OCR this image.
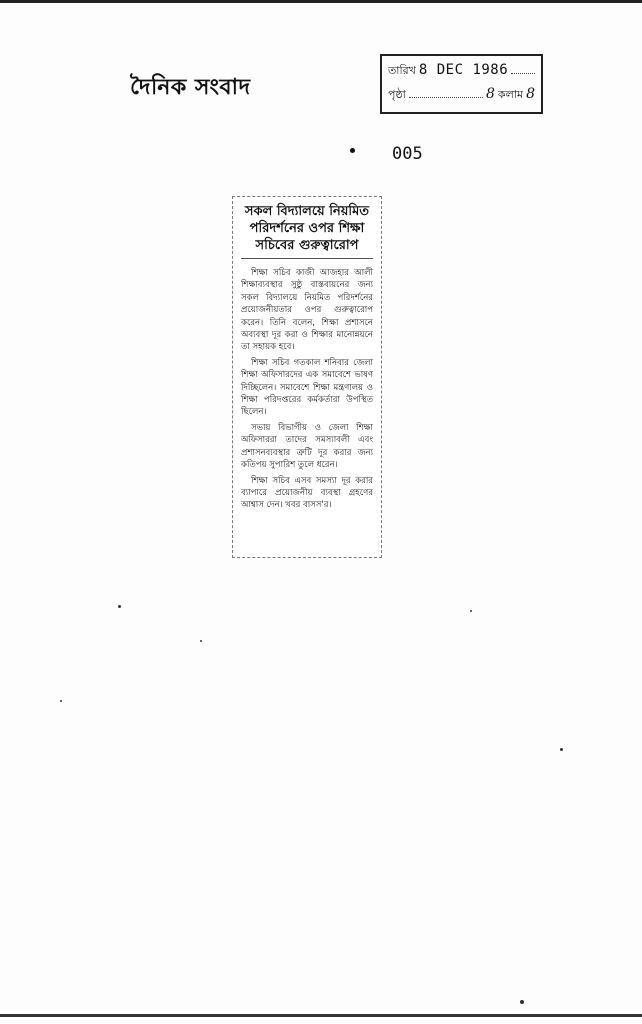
দৈনিক সংবাদ
তারিখ 8 DEC 1986
পৃষ্ঠা	8 কলাম 8
005
সকল বিদ্যালয়ে নিয়মিত পরিদর্শনের ওপর শিক্ষা সচিবের গুরুত্বারোপ

শিক্ষা সচিব কাজী আজহার আলী শিক্ষাব্যবস্থার সুষ্ঠু বাস্তবায়নের জন্য সকল বিদ্যালয়ে নিয়মিত পরিদর্শনের প্রয়োজনীয়তার ওপর গুরুত্বারোপ করেন। তিনি বলেন, শিক্ষা প্রশাসনে অব্যবস্থা দূর করা ও শিক্ষার মানোন্নয়নে তা সহায়ক হবে।

শিক্ষা সচিব গতকাল শনিবার জেলা শিক্ষা অফিসারদের এক সমাবেশে ভাষণ দিচ্ছিলেন। সমাবেশে শিক্ষা মন্ত্রণালয় ও শিক্ষা পরিদপ্তরের কর্মকর্তারা উপস্থিত ছিলেন।

সভায় বিভাগীয় ও জেলা শিক্ষা অফিসাররা তাদের সমস্যাবলী এবং প্রশাসনব্যবস্থার ত্রুটি দূর করার জন্য কতিপয় সুপারিশ তুলে ধরেন।

শিক্ষা সচিব এসব সমস্যা দূর করার ব্যাপারে প্রয়োজনীয় ব্যবস্থা গ্রহণের আশ্বাস দেন। খবর বাসস'র।
